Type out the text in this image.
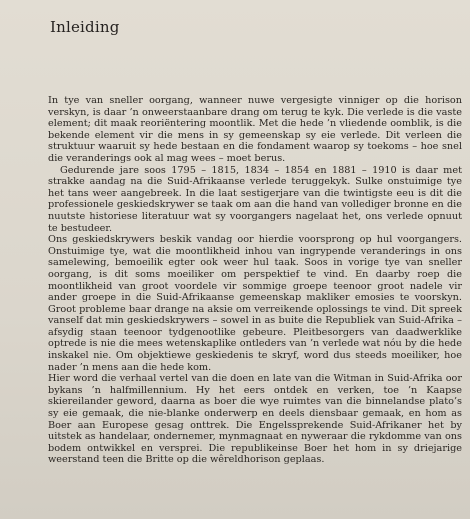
Inleiding

In tye van sneller oorgang, wanneer nuwe vergesigte vinniger op die horison verskyn, is daar ’n onweerstaanbare drang om terug te kyk. Die verlede is die vaste element; dit maak reoriëntering moontlik. Met die hede ’n vliedende oomblik, is die bekende element vir die mens in sy gemeenskap sy eie verlede. Dit verleen die struktuur waaruit sy hede bestaan en die fondament waarop sy toekoms – hoe snel die veranderings ook al mag wees – moet berus.

Gedurende jare soos 1795 – 1815, 1834 – 1854 en 1881 – 1910 is daar met strakke aandag na die Suid-Afrikaanse verlede teruggekyk. Sulke onstuimige tye het tans weer aangebreek. In die laat sestigerjare van die twintigste eeu is dit die professionele geskiedskrywer se taak om aan die hand van vollediger bronne en die nuutste historiese literatuur wat sy voorgangers nagelaat het, ons verlede opnuut te bestudeer.

Ons geskiedskrywers beskik vandag oor hierdie voorsprong op hul voorgangers. Onstuimige tye, wat die moontlikheid inhou van ingrypende veranderings in ons samelewing, bemoeilik egter ook weer hul taak. Soos in vorige tye van sneller oorgang, is dit soms moeiliker om perspektief te vind. En daarby roep die moontlikheid van groot voordele vir sommige groepe teenoor groot nadele vir ander groepe in die Suid-Afrikaanse gemeenskap makliker emosies te voorskyn. Groot probleme baar drange na aksie om verreikende oplossings te vind. Dit spreek vanself dat min geskiedskrywers – sowel in as buite die Republiek van Suid-Afrika – afsydig staan teenoor tydgenootlike gebeure. Pleitbesorgers van daadwerklike optrede is nie die mees wetenskaplike ontleders van ’n verlede wat nóu by die hede inskakel nie. Om objektiewe geskiedenis te skryf, word dus steeds moeiliker, hoe nader ’n mens aan die hede kom.

Hier word die verhaal vertel van die doen en late van die Witman in Suid-Afrika oor bykans ’n halfmillennium. Hy het eers ontdek en verken, toe ’n Kaapse skiereilander geword, daarna as boer die wye ruimtes van die binnelandse plato’s sy eie gemaak, die nie-blanke onderwerp en deels diensbaar gemaak, en hom as Boer aan Europese gesag onttrek. Die Engelssprekende Suid-Afrikaner het by uitstek as handelaar, ondernemer, mynmagnaat en nyweraar die rykdomme van ons bodem ontwikkel en versprei. Die republikeinse Boer het hom in sy driejarige weerstand teen die Britte op die wêreldhorison geplaas.
